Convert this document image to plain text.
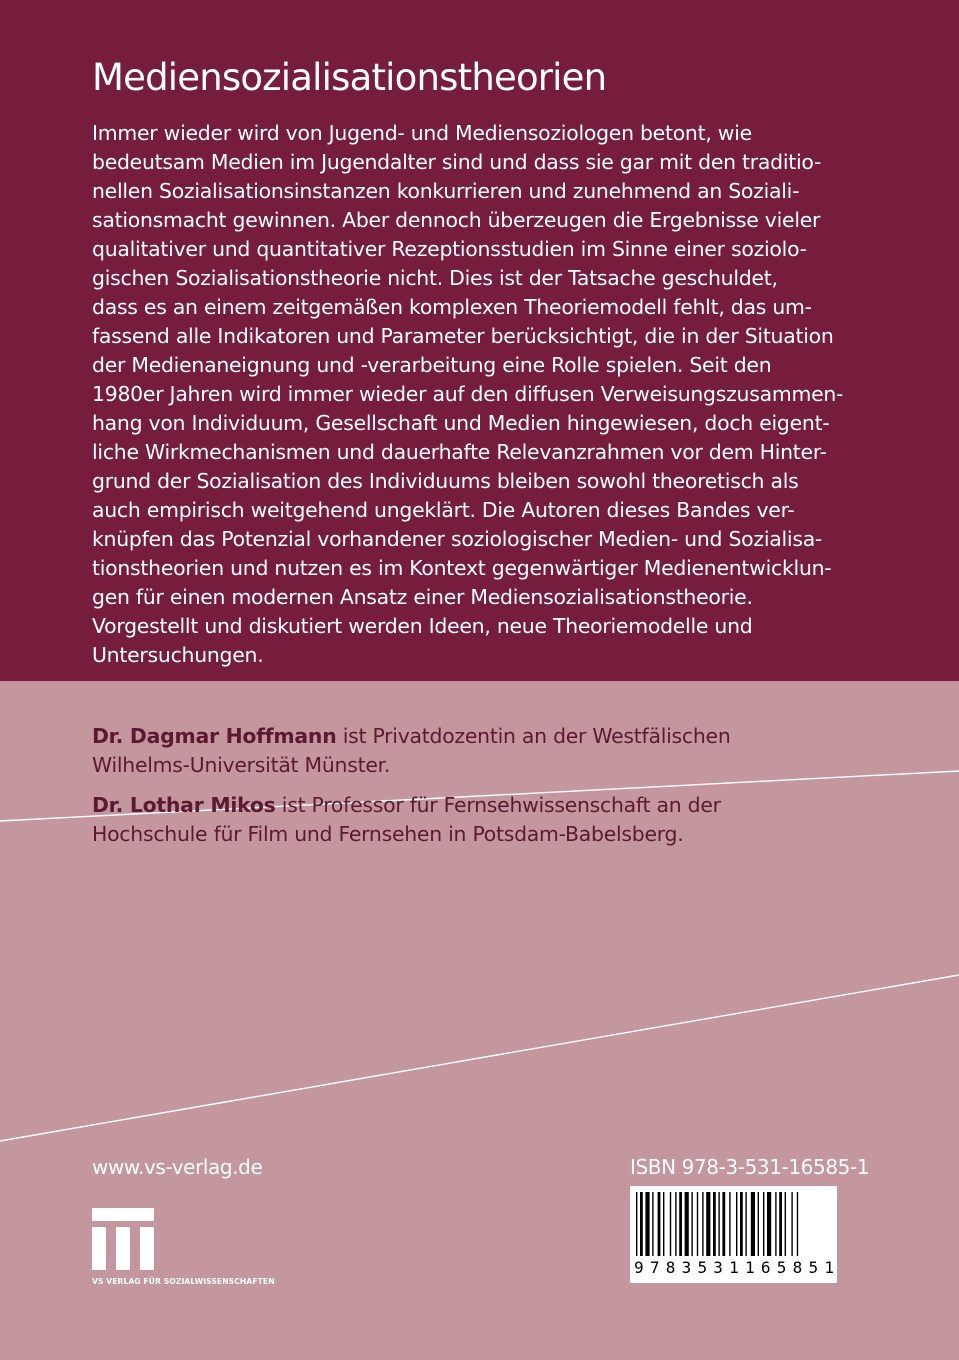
Mediensozialisationstheorien
Immer wieder wird von Jugend- und Mediensoziologen betont, wie
bedeutsam Medien im Jugendalter sind und dass sie gar mit den traditio-
nellen Sozialisationsinstanzen konkurrieren und zunehmend an Soziali-
sationsmacht gewinnen. Aber dennoch überzeugen die Ergebnisse vieler
qualitativer und quantitativer Rezeptionsstudien im Sinne einer soziolo-
gischen Sozialisationstheorie nicht. Dies ist der Tatsache geschuldet,
dass es an einem zeitgemäßen komplexen Theoriemodell fehlt, das um-
fassend alle Indikatoren und Parameter berücksichtigt, die in der Situation
der Medienaneignung und -verarbeitung eine Rolle spielen. Seit den
1980er Jahren wird immer wieder auf den diffusen Verweisungszusammen-
hang von Individuum, Gesellschaft und Medien hingewiesen, doch eigent-
liche Wirkmechanismen und dauerhafte Relevanzrahmen vor dem Hinter-
grund der Sozialisation des Individuums bleiben sowohl theoretisch als
auch empirisch weitgehend ungeklärt. Die Autoren dieses Bandes ver-
knüpfen das Potenzial vorhandener soziologischer Medien- und Sozialisa-
tionstheorien und nutzen es im Kontext gegenwärtiger Medienentwicklun-
gen für einen modernen Ansatz einer Mediensozialisationstheorie.
Vorgestellt und diskutiert werden Ideen, neue Theoriemodelle und
Untersuchungen.
Dr. Dagmar Hoffmann ist Privatdozentin an der Westfälischen
Wilhelms-Universität Münster.
Dr. Lothar Mikos ist Professor für Fernsehwissenschaft an der
Hochschule für Film und Fernsehen in Potsdam-Babelsberg.
www.vs-verlag.de
VS VERLAG FÜR SOZIALWISSENSCHAFTEN
ISBN 978-3-531-16585-1
9 7 8 3 5 3 1 1 6 5 8 5 1
